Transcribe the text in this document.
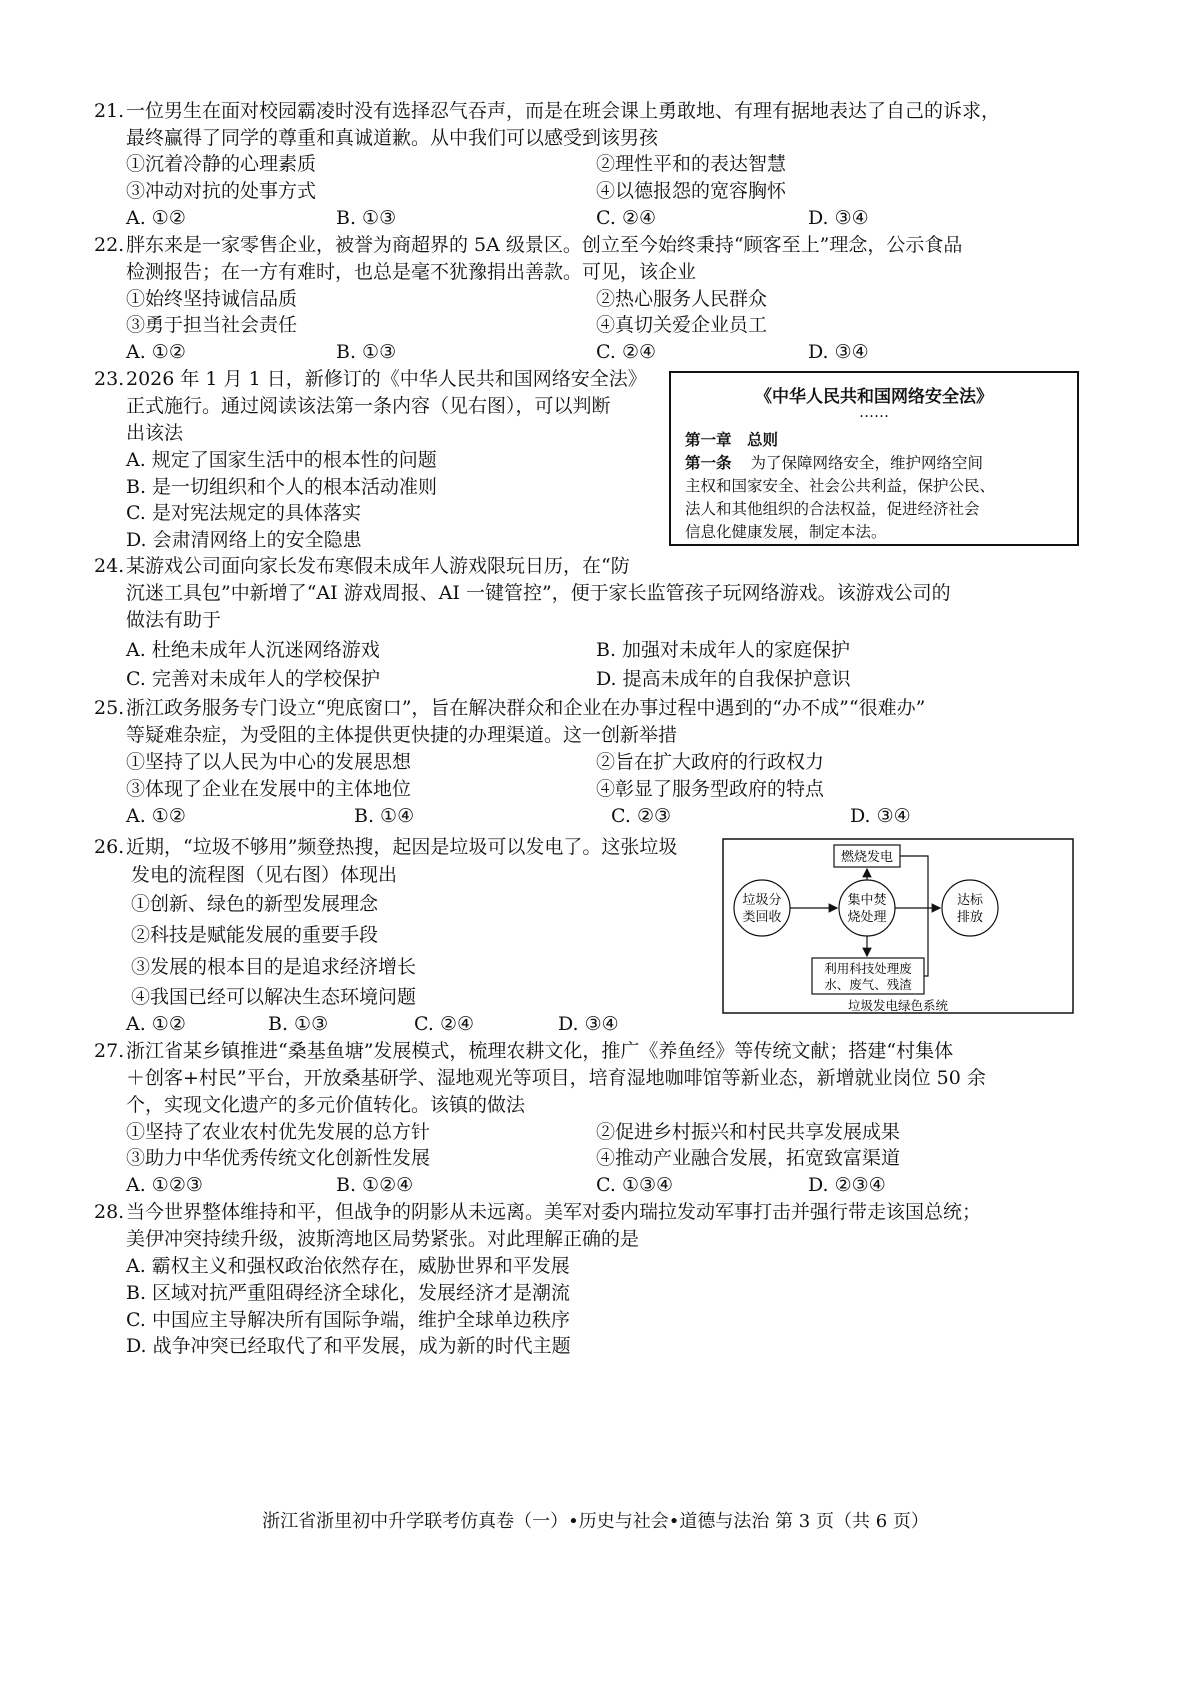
21. 一位男生在面对校园霸凌时没有选择忍气吞声，而是在班会课上勇敢地、有理有据地表达了自己的诉求，
最终赢得了同学的尊重和真诚道歉。从中我们可以感受到该男孩
①沉着冷静的心理素质	②理性平和的表达智慧
③冲动对抗的处事方式	④以德报怨的宽容胸怀
A. ①②	B. ①③	C. ②④	D. ③④
22. 胖东来是一家零售企业，被誉为商超界的 5A 级景区。创立至今始终秉持“顾客至上”理念，公示食品
检测报告；在一方有难时，也总是毫不犹豫捐出善款。可见，该企业
①始终坚持诚信品质	②热心服务人民群众
③勇于担当社会责任	④真切关爱企业员工
A. ①②	B. ①③	C. ②④	D. ③④
23. 2026 年 1 月 1 日，新修订的《中华人民共和国网络安全法》
正式施行。通过阅读该法第一条内容（见右图），可以判断
出该法
A. 规定了国家生活中的根本性的问题
B. 是一切组织和个人的根本活动准则
C. 是对宪法规定的具体落实
D. 会肃清网络上的安全隐患
《中华人民共和国网络安全法》
……
第一章　总则
第一条 为了保障网络安全，维护网络空间
主权和国家安全、社会公共利益，保护公民、
法人和其他组织的合法权益，促进经济社会
信息化健康发展，制定本法。
24. 某游戏公司面向家长发布寒假未成年人游戏限玩日历，在“防
沉迷工具包”中新增了“AI 游戏周报、AI 一键管控”，便于家长监管孩子玩网络游戏。该游戏公司的
做法有助于
A. 杜绝未成年人沉迷网络游戏	B. 加强对未成年人的家庭保护
C. 完善对未成年人的学校保护	D. 提高未成年的自我保护意识
25. 浙江政务服务专门设立“兜底窗口”，旨在解决群众和企业在办事过程中遇到的“办不成”“很难办”
等疑难杂症，为受阻的主体提供更快捷的办理渠道。这一创新举措
①坚持了以人民为中心的发展思想	②旨在扩大政府的行政权力
③体现了企业在发展中的主体地位	④彰显了服务型政府的特点
A. ①②	B. ①④	C. ②③	D. ③④
26. 近期，“垃圾不够用”频登热搜，起因是垃圾可以发电了。这张垃圾
发电的流程图（见右图）体现出
①创新、绿色的新型发展理念
②科技是赋能发展的重要手段
③发展的根本目的是追求经济增长
④我国已经可以解决生态环境问题
A. ①②	B. ①③	C. ②④	D. ③④
燃烧发电
垃圾分
类回收
集中焚
烧处理
达标
排放
利用科技处理废
水、废气、残渣
垃圾发电绿色系统
27. 浙江省某乡镇推进“桑基鱼塘”发展模式，梳理农耕文化，推广《养鱼经》等传统文献；搭建“村集体
＋创客+村民”平台，开放桑基研学、湿地观光等项目，培育湿地咖啡馆等新业态，新增就业岗位 50 余
个，实现文化遗产的多元价值转化。该镇的做法
①坚持了农业农村优先发展的总方针	②促进乡村振兴和村民共享发展成果
③助力中华优秀传统文化创新性发展	④推动产业融合发展，拓宽致富渠道
A. ①②③	B. ①②④	C. ①③④	D. ②③④
28. 当今世界整体维持和平，但战争的阴影从未远离。美军对委内瑞拉发动军事打击并强行带走该国总统；
美伊冲突持续升级，波斯湾地区局势紧张。对此理解正确的是
A. 霸权主义和强权政治依然存在，威胁世界和平发展
B. 区域对抗严重阻碍经济全球化，发展经济才是潮流
C. 中国应主导解决所有国际争端，维护全球单边秩序
D. 战争冲突已经取代了和平发展，成为新的时代主题
浙江省浙里初中升学联考仿真卷（一）•历史与社会•道德与法治 第 3 页（共 6 页）
